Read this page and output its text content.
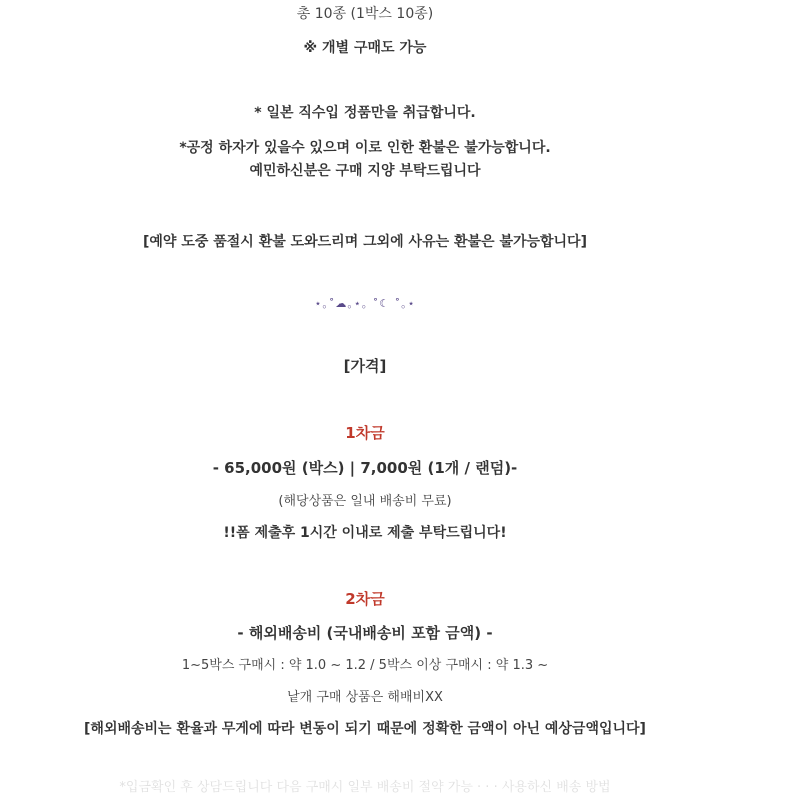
총 10종 (1박스 10종)
※ 개별 구매도 가능
* 일본 직수입 정품만을 취급합니다.
*공정 하자가 있을수 있으며 이로 인한 환불은 불가능합니다.
예민하신분은 구매 지양 부탁드립니다
[예약 도중 품절시 환불 도와드리며 그외에 사유는 환불은 불가능합니다]
⋆｡˚☁︎｡⋆｡ ˚☾ ˚｡⋆
[가격]
1차금
- 65,000원 (박스) | 7,000원 (1개 / 랜덤)-
(해당상품은 일내 배송비 무료)
!!폼 제출후 1시간 이내로 제출 부탁드립니다!
2차금
- 해외배송비 (국내배송비 포함 금액) -
1~5박스 구매시 : 약 1.0 ~ 1.2 / 5박스 이상 구매시 : 약 1.3 ~
낱개 구매 상품은 해배비XX
[해외배송비는 환율과 무게에 따라 변동이 되기 때문에 정확한 금액이 아닌 예상금액입니다]
*입금확인 후 상담드립니다 다음 구매시 일부 배송비 절약 가능 · · · 사용하신 배송 방법
